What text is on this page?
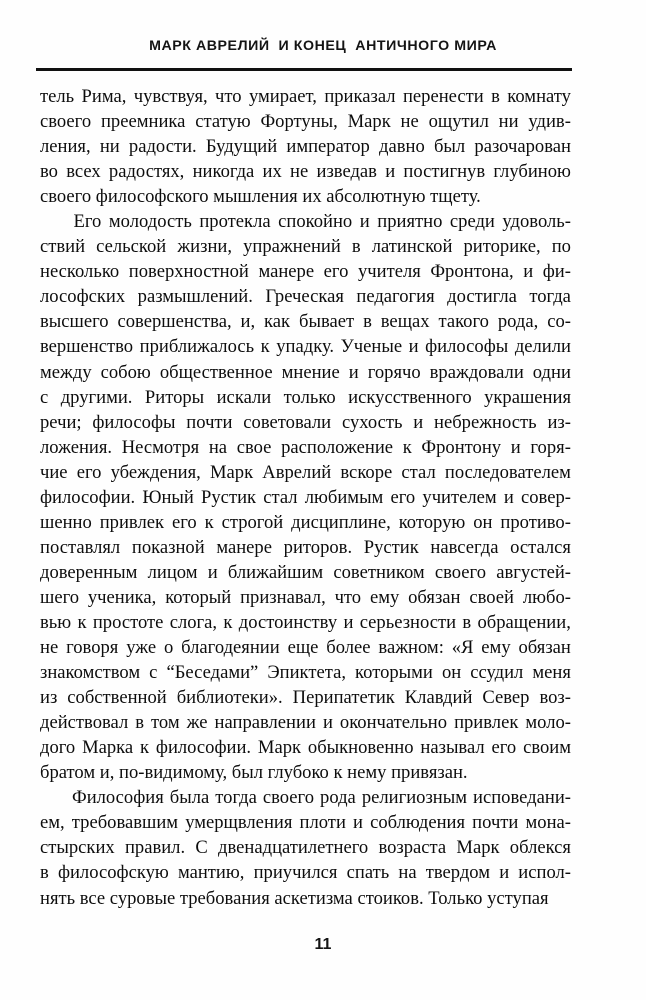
МАРК АВРЕЛИЙ  И КОНЕЦ  АНТИЧНОГО МИРА
тель Рима, чувствуя, что умирает, приказал перенести в комнату
своего преемника статую Фортуны, Марк не ощутил ни удив-
ления, ни радости. Будущий император давно был разочарован
во всех радостях, никогда их не изведав и постигнув глубиною
своего философского мышления их абсолютную тщету.
Его молодость протекла спокойно и приятно среди удоволь-
ствий сельской жизни, упражнений в латинской риторике, по
несколько поверхностной манере его учителя Фронтона, и фи-
лософских размышлений. Греческая педагогия достигла тогда
высшего совершенства, и, как бывает в вещах такого рода, со-
вершенство приближалось к упадку. Ученые и философы делили
между собою общественное мнение и горячо враждовали одни
с другими. Риторы искали только искусственного украшения
речи; философы почти советовали сухость и небрежность из-
ложения. Несмотря на свое расположение к Фронтону и горя-
чие его убеждения, Марк Аврелий вскоре стал последователем
философии. Юный Рустик стал любимым его учителем и совер-
шенно привлек его к строгой дисциплине, которую он противо-
поставлял показной манере риторов. Рустик навсегда остался
доверенным лицом и ближайшим советником своего августей-
шего ученика, который признавал, что ему обязан своей любо-
вью к простоте слога, к достоинству и серьезности в обращении,
не говоря уже о благодеянии еще более важном: «Я ему обязан
знакомством с “Беседами” Эпиктета, которыми он ссудил меня
из собственной библиотеки». Перипатетик Клавдий Север воз-
действовал в том же направлении и окончательно привлек моло-
дого Марка к философии. Марк обыкновенно называл его своим
братом и, по-видимому, был глубоко к нему привязан.
Философия была тогда своего рода религиозным исповедани-
ем, требовавшим умерщвления плоти и соблюдения почти мона-
стырских правил. С двенадцатилетнего возраста Марк облекся
в философскую мантию, приучился спать на твердом и испол-
нять все суровые требования аскетизма стоиков. Только уступая
11
